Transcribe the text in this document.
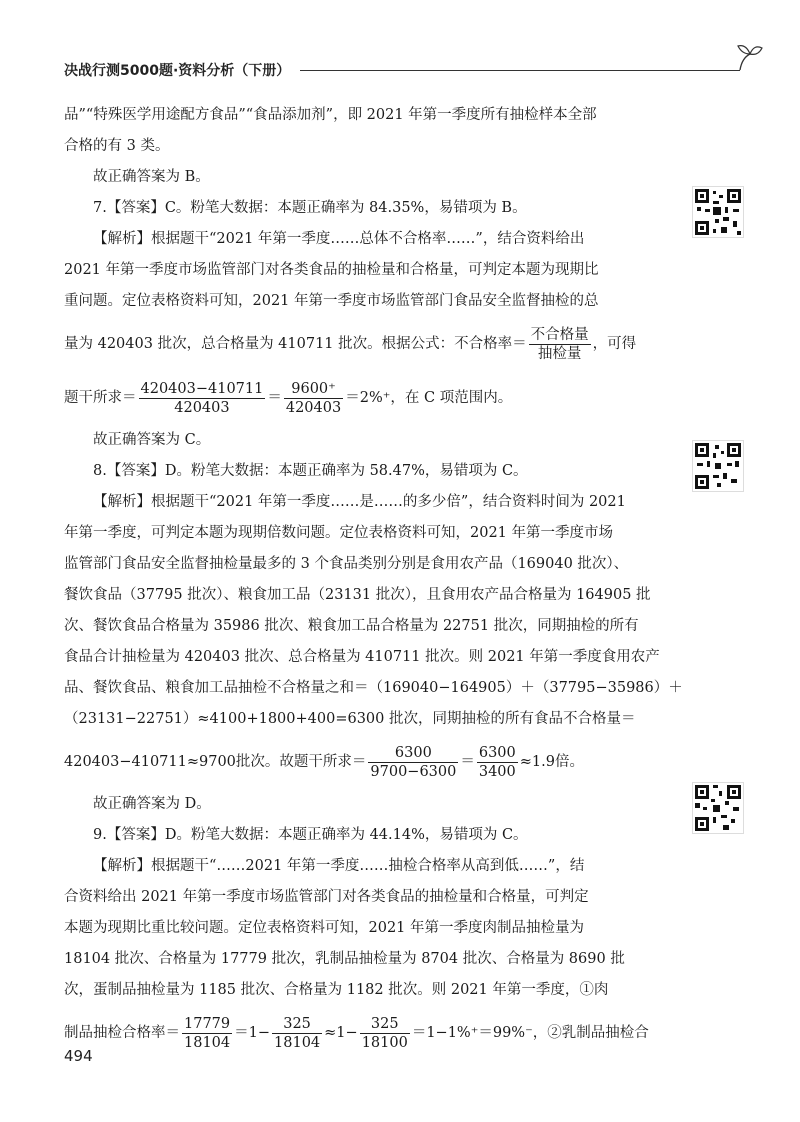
决战行测5000题·资料分析（下册）

品”“特殊医学用途配方食品”“食品添加剂”，即 2021 年第一季度所有抽检样本全部

合格的有 3 类。

故正确答案为 B。

7.【答案】C。粉笔大数据：本题正确率为 84.35%，易错项为 B。

【解析】根据题干“2021 年第一季度……总体不合格率……”，结合资料给出

2021 年第一季度市场监管部门对各类食品的抽检量和合格量，可判定本题为现期比

重问题。定位表格资料可知，2021 年第一季度市场监管部门食品安全监督抽检的总

量为 420403 批次，总合格量为 410711 批次。根据公式：不合格率＝ $\frac{\text{不合格量}}{\text{抽检量}}$ ，可得

题干所求＝ $\frac{420403-410711}{420403} = \frac{9600^+}{420403} =2\%^+$，在 C 项范围内。

故正确答案为 C。

8.【答案】D。粉笔大数据：本题正确率为 58.47%，易错项为 C。

【解析】根据题干“2021 年第一季度……是……的多少倍”，结合资料时间为 2021

年第一季度，可判定本题为现期倍数问题。定位表格资料可知，2021 年第一季度市场

监管部门食品安全监督抽检量最多的 3 个食品类别分别是食用农产品（169040 批次）、

餐饮食品（37795 批次）、粮食加工品（23131 批次），且食用农产品合格量为 164905 批

次、餐饮食品合格量为 35986 批次、粮食加工品合格量为 22751 批次，同期抽检的所有

食品合计抽检量为 420403 批次、总合格量为 410711 批次。则 2021 年第一季度食用农产

品、餐饮食品、粮食加工品抽检不合格量之和＝（169040−164905）＋（37795−35986）＋

（23131−22751）≈4100+1800+400=6300 批次，同期抽检的所有食品不合格量＝

420403−410711≈9700批次。故题干所求＝ $\frac{6300}{9700-6300} = \frac{6300}{3400} \approx 1.9$倍。

故正确答案为 D。

9.【答案】D。粉笔大数据：本题正确率为 44.14%，易错项为 C。

【解析】根据题干“……2021 年第一季度……抽检合格率从高到低……”，结

合资料给出 2021 年第一季度市场监管部门对各类食品的抽检量和合格量，可判定

本题为现期比重比较问题。定位表格资料可知，2021 年第一季度肉制品抽检量为

18104 批次、合格量为 17779 批次，乳制品抽检量为 8704 批次、合格量为 8690 批

次，蛋制品抽检量为 1185 批次、合格量为 1182 批次。则 2021 年第一季度，①肉

制品抽检合格率＝ $\frac{17779}{18104} =1- \frac{325}{18104} \approx 1- \frac{325}{18100} =1-1\%^+=99\%^-$，②乳制品抽检合

494
